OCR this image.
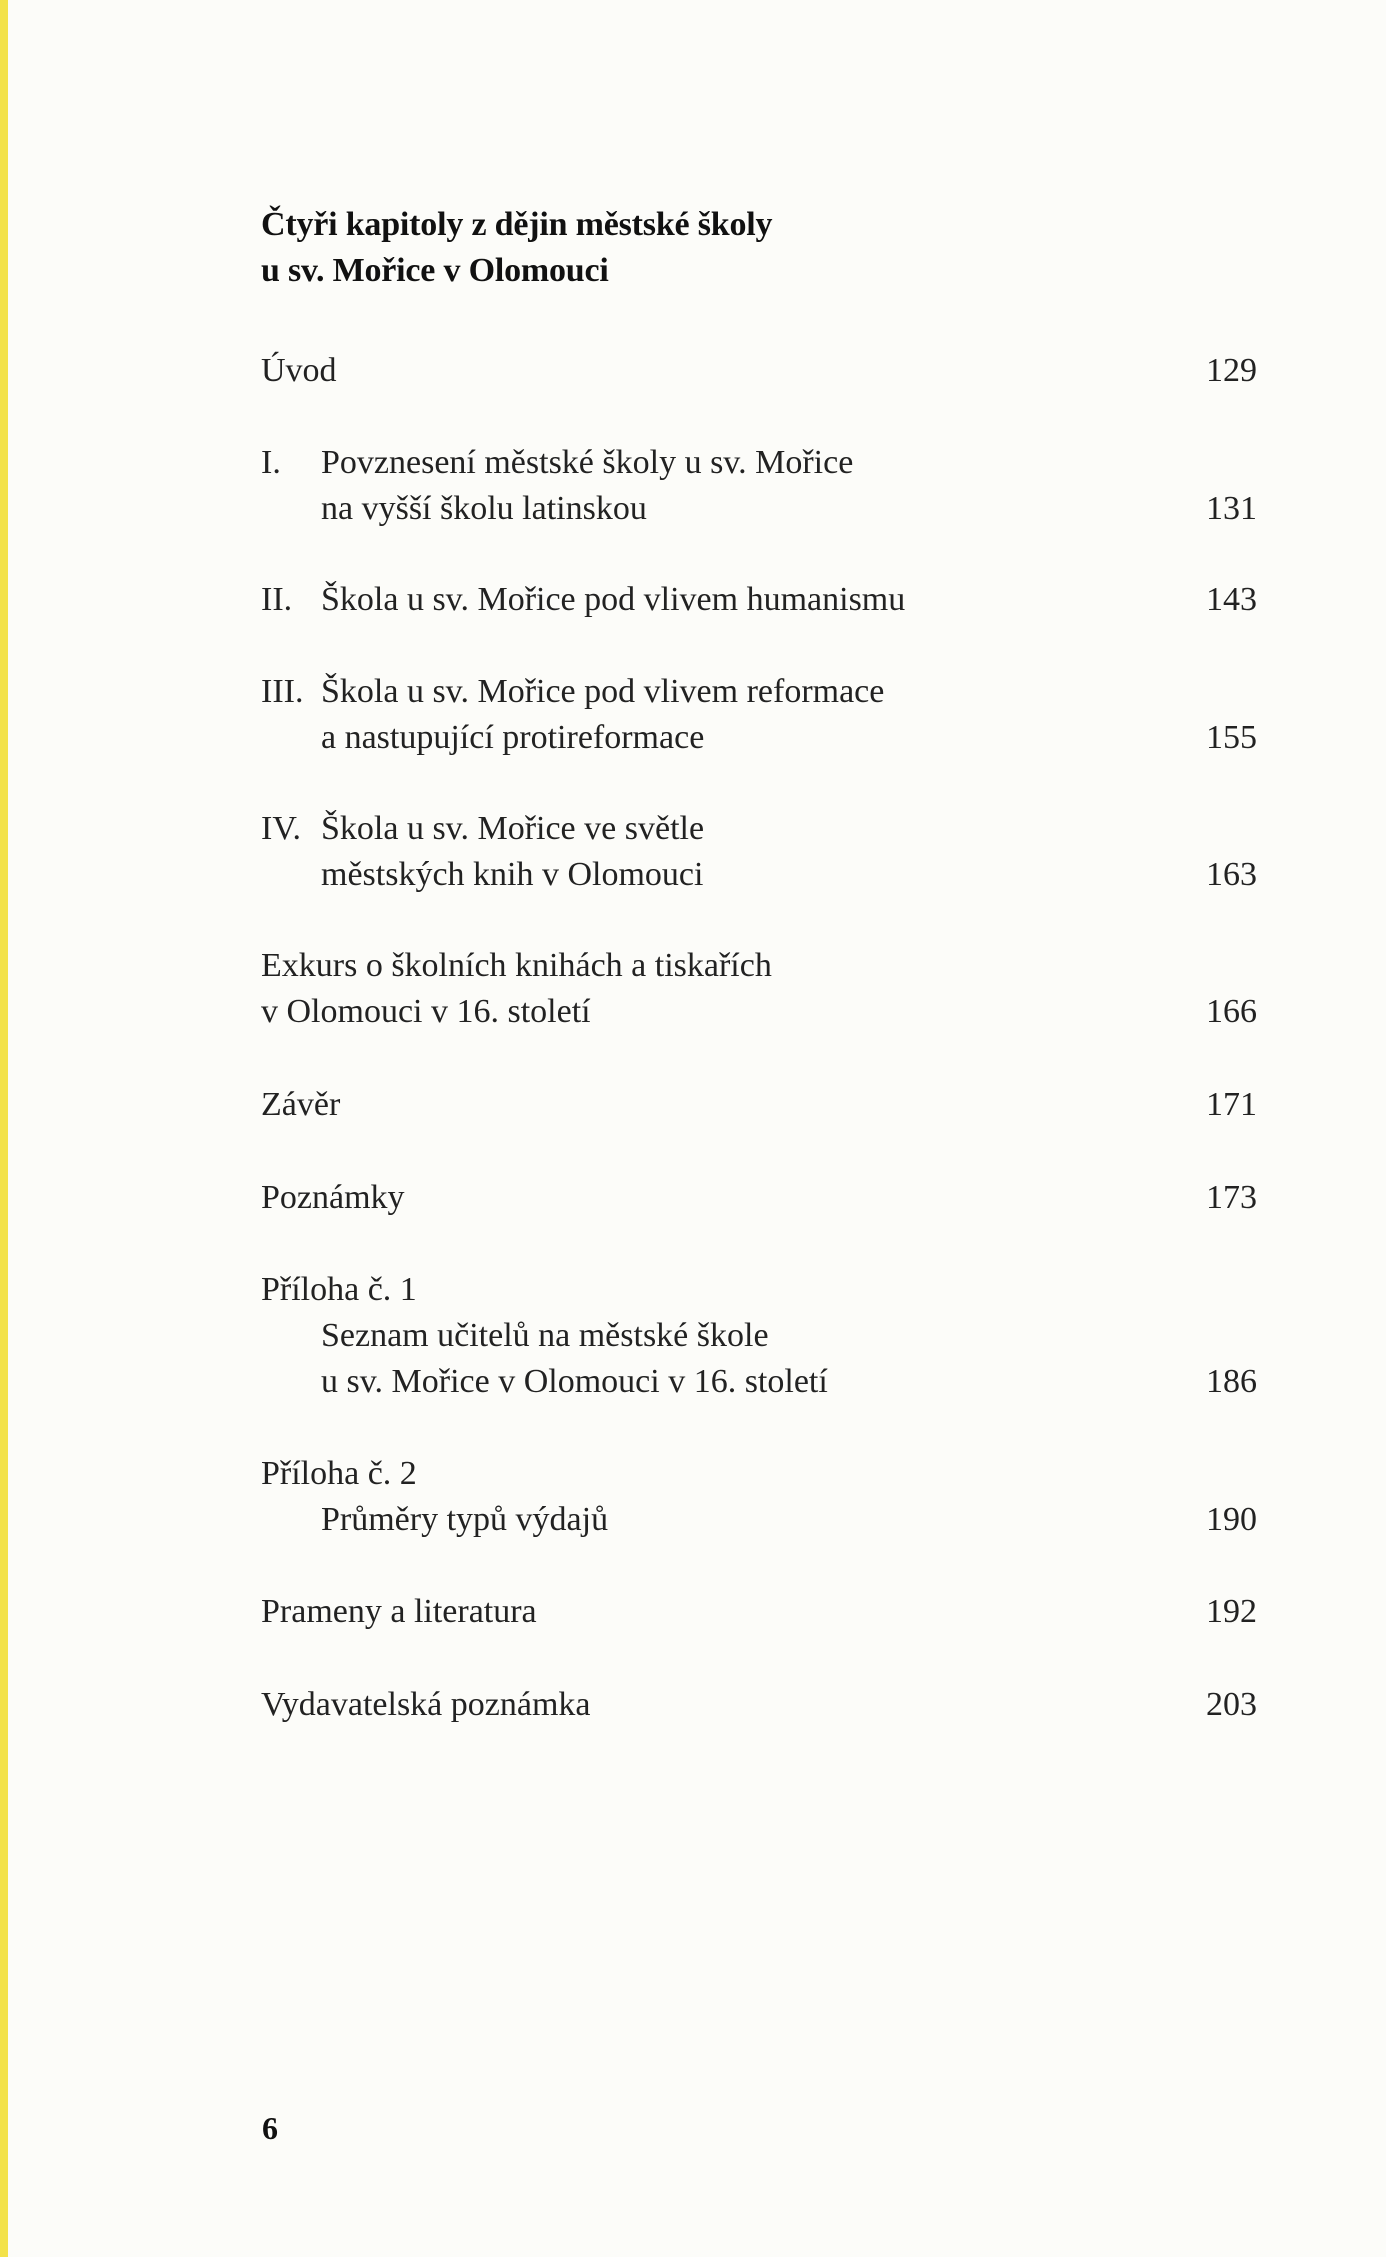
Čtyři kapitoly z dějin městské školy
u sv. Mořice v Olomouci
Úvod	129
I. Povznesení městské školy u sv. Mořice
na vyšší školu latinskou	131
II. Škola u sv. Mořice pod vlivem humanismu	143
III. Škola u sv. Mořice pod vlivem reformace
a nastupující protireformace	155
IV. Škola u sv. Mořice ve světle
městských knih v Olomouci	163
Exkurs o školních knihách a tiskařích
v Olomouci v 16. století	166
Závěr	171
Poznámky	173
Příloha č. 1
Seznam učitelů na městské škole
u sv. Mořice v Olomouci v 16. století	186
Příloha č. 2
Průměry typů výdajů	190
Prameny a literatura	192
Vydavatelská poznámka	203
6
